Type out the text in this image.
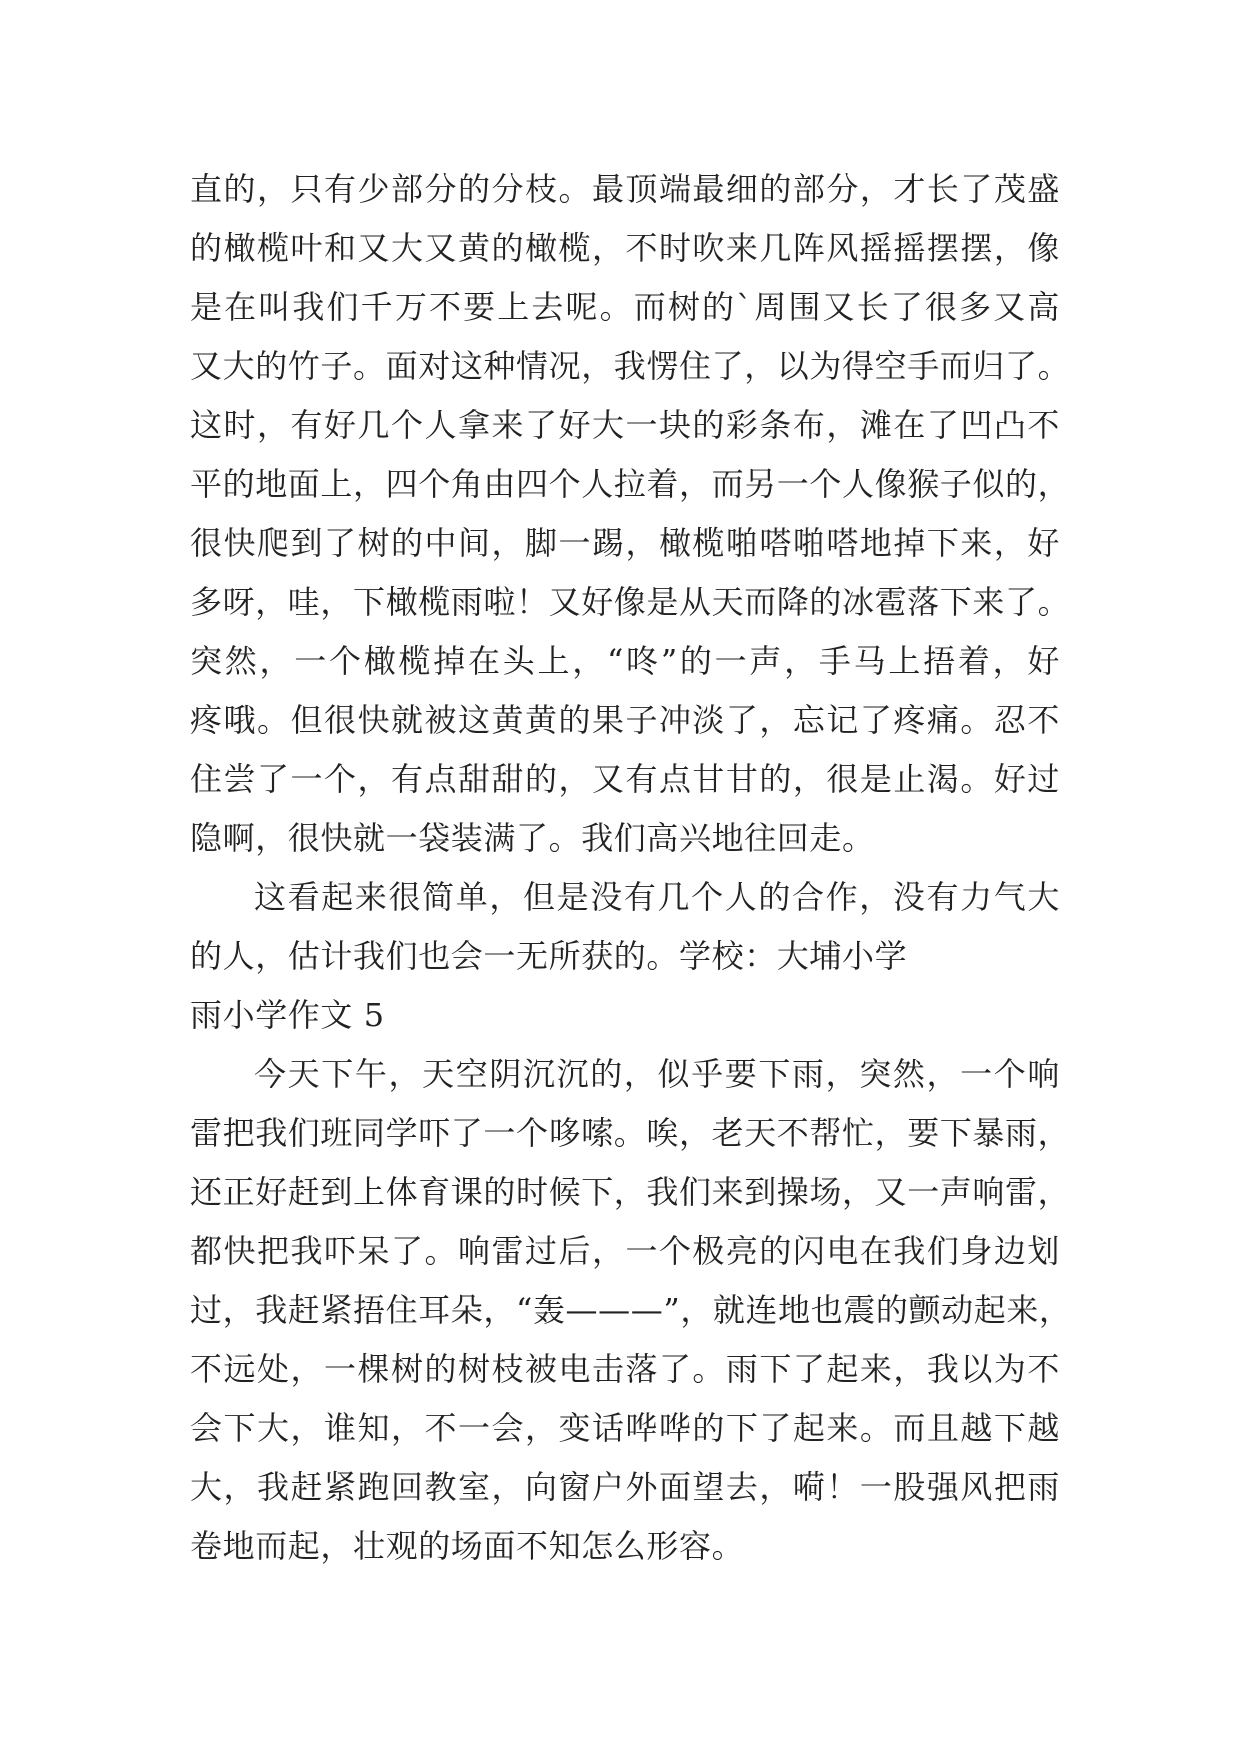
直的，只有少部分的分枝。最顶端最细的部分，才长了茂盛
的橄榄叶和又大又黄的橄榄，不时吹来几阵风摇摇摆摆，像
是在叫我们千万不要上去呢。而树的`周围又长了很多又高
又大的竹子。面对这种情况，我愣住了，以为得空手而归了。
这时，有好几个人拿来了好大一块的彩条布，滩在了凹凸不
平的地面上，四个角由四个人拉着，而另一个人像猴子似的，
很快爬到了树的中间，脚一踢，橄榄啪嗒啪嗒地掉下来，好
多呀，哇，下橄榄雨啦！又好像是从天而降的冰雹落下来了。
突然，一个橄榄掉在头上，“咚”的一声，手马上捂着，好
疼哦。但很快就被这黄黄的果子冲淡了，忘记了疼痛。忍不
住尝了一个，有点甜甜的，又有点甘甘的，很是止渴。好过
隐啊，很快就一袋装满了。我们高兴地往回走。
这看起来很简单，但是没有几个人的合作，没有力气大
的人，估计我们也会一无所获的。学校：大埔小学
雨小学作文 5
今天下午，天空阴沉沉的，似乎要下雨，突然，一个响
雷把我们班同学吓了一个哆嗦。唉，老天不帮忙，要下暴雨，
还正好赶到上体育课的时候下，我们来到操场，又一声响雷，
都快把我吓呆了。响雷过后，一个极亮的闪电在我们身边划
过，我赶紧捂住耳朵，“轰———”，就连地也震的颤动起来，
不远处，一棵树的树枝被电击落了。雨下了起来，我以为不
会下大，谁知，不一会，变话哗哗的下了起来。而且越下越
大，我赶紧跑回教室，向窗户外面望去，嗬！一股强风把雨
卷地而起，壮观的场面不知怎么形容。
